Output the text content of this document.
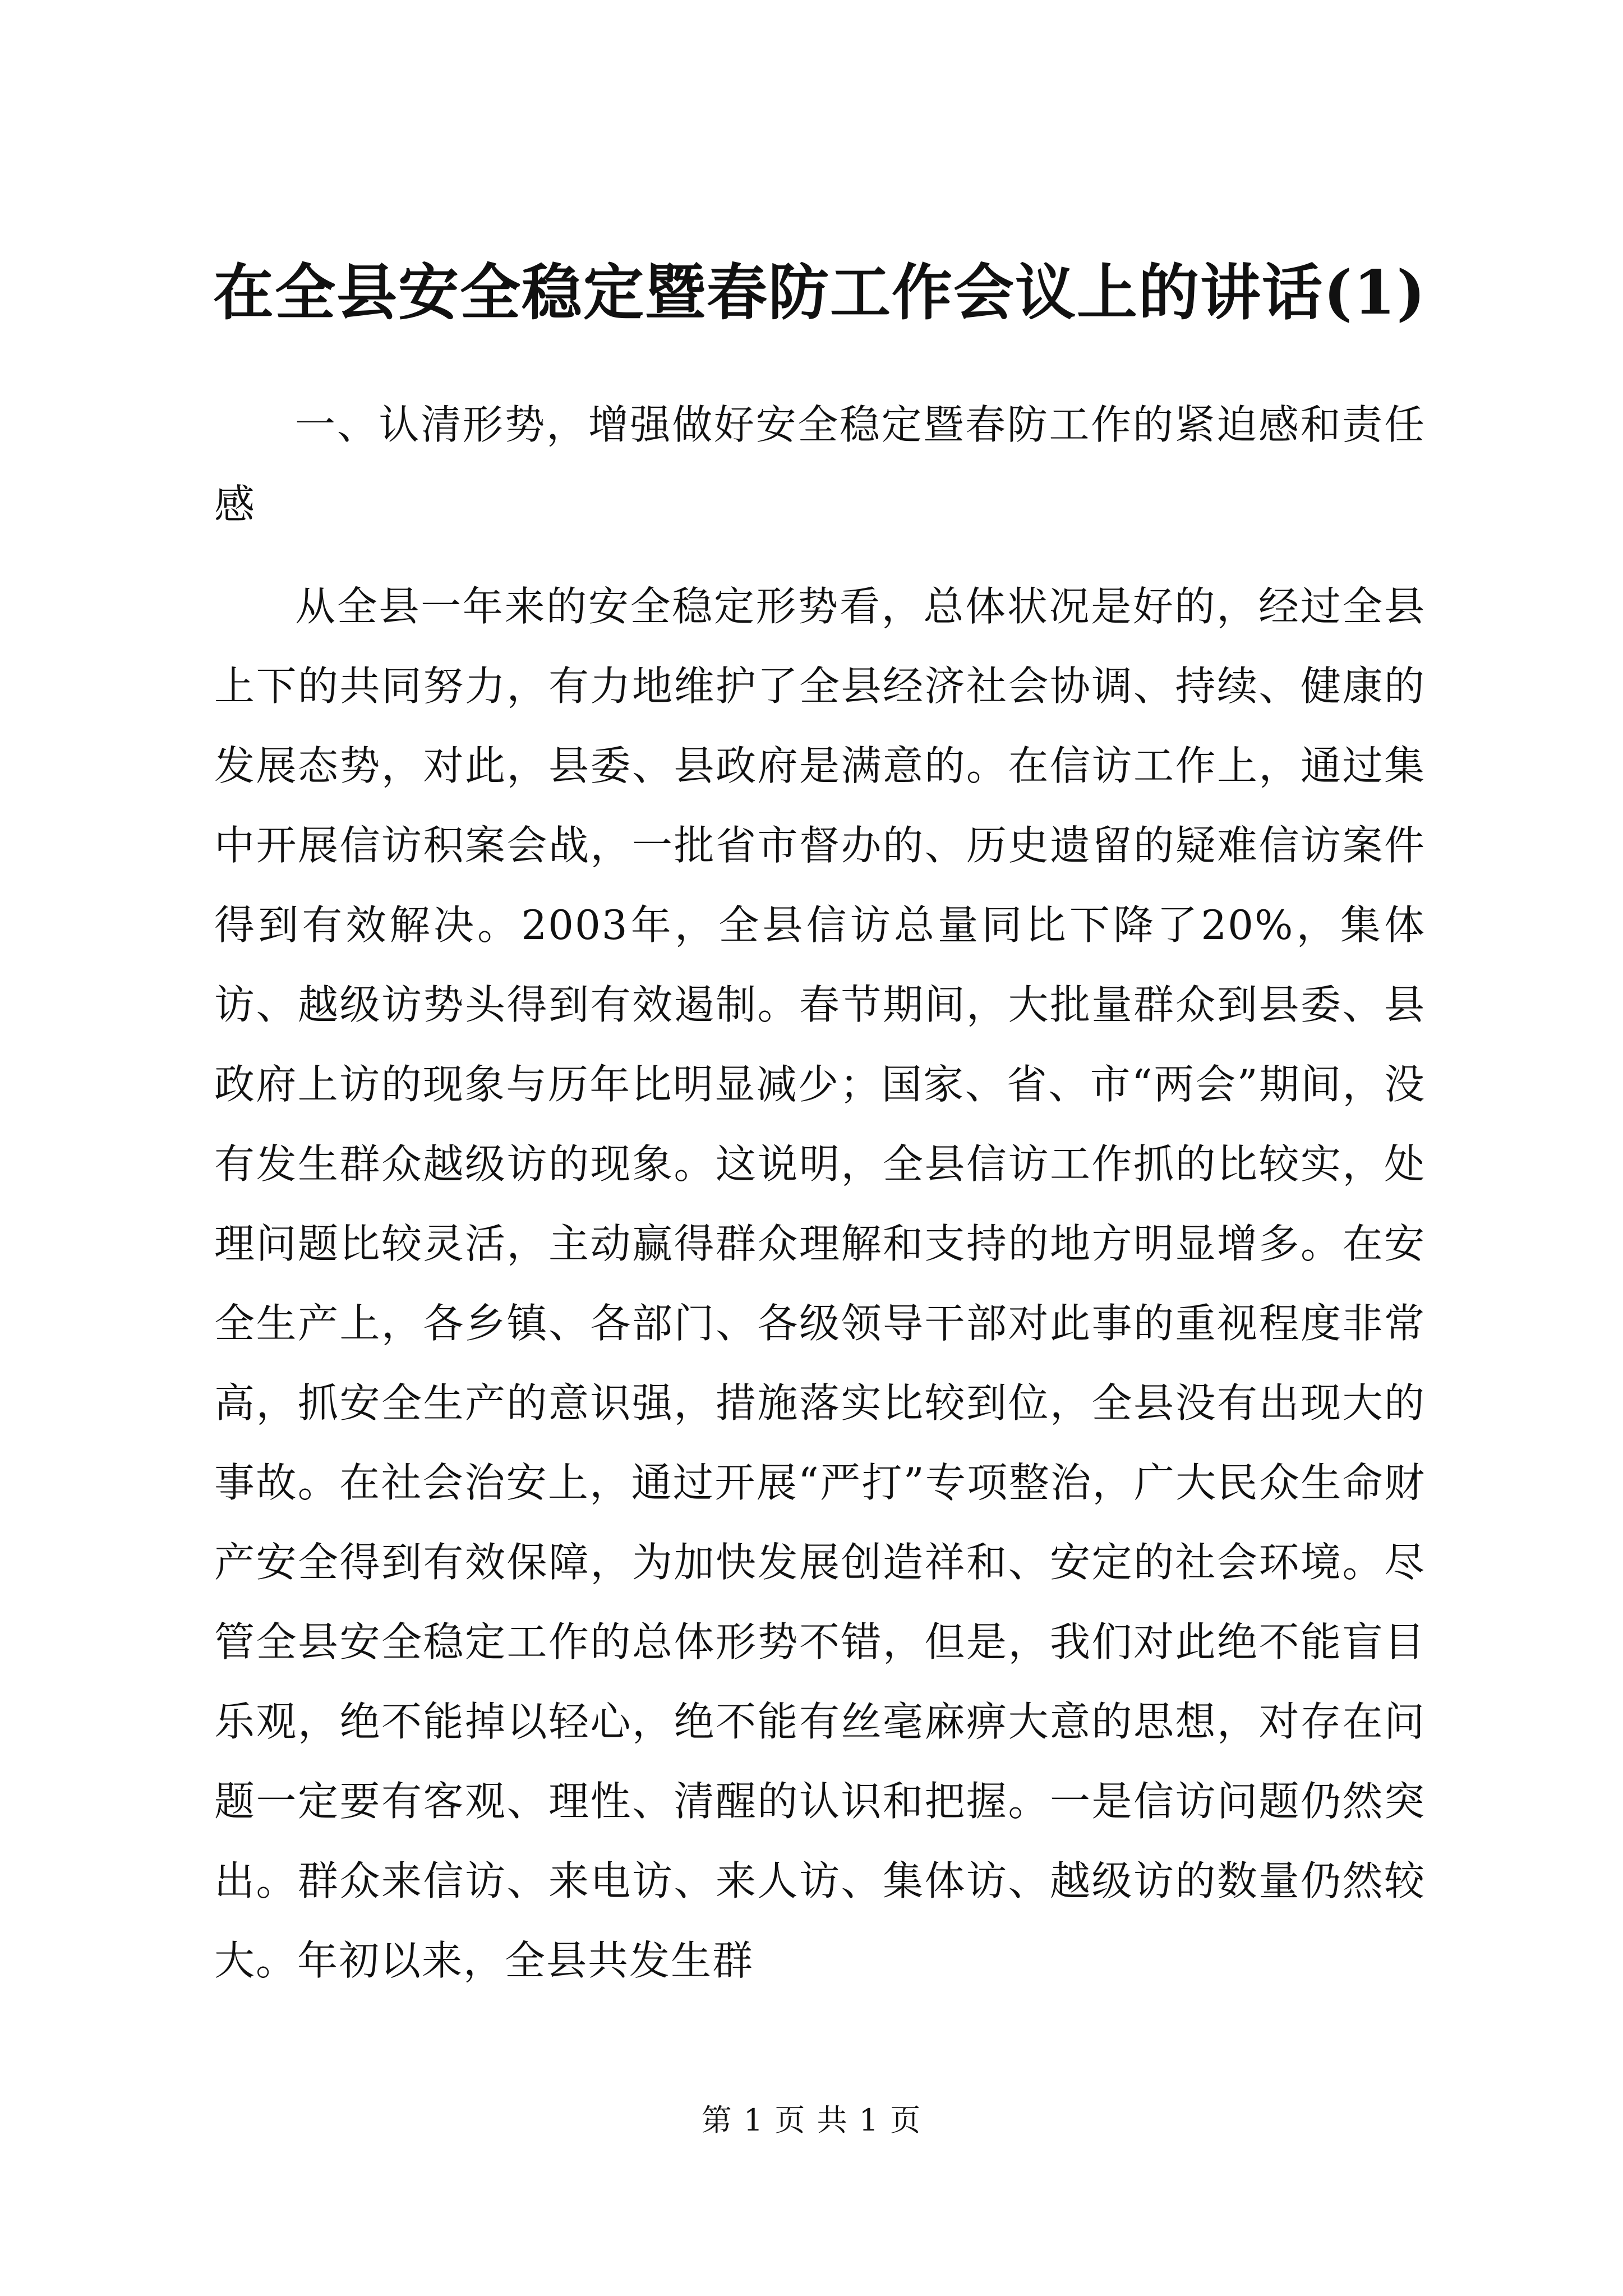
在全县安全稳定暨春防工作会议上的讲话(1)

一、认清形势，增强做好安全稳定暨春防工作的紧迫感和责任感

从全县一年来的安全稳定形势看，总体状况是好的，经过全县上下的共同努力，有力地维护了全县经济社会协调、持续、健康的发展态势，对此，县委、县政府是满意的。在信访工作上，通过集中开展信访积案会战，一批省市督办的、历史遗留的疑难信访案件得到有效解决。2003年，全县信访总量同比下降了20%，集体访、越级访势头得到有效遏制。春节期间，大批量群众到县委、县政府上访的现象与历年比明显减少；国家、省、市“两会”期间，没有发生群众越级访的现象。这说明，全县信访工作抓的比较实，处理问题比较灵活，主动赢得群众理解和支持的地方明显增多。在安全生产上，各乡镇、各部门、各级领导干部对此事的重视程度非常高，抓安全生产的意识强，措施落实比较到位，全县没有出现大的事故。在社会治安上，通过开展“严打”专项整治，广大民众生命财产安全得到有效保障，为加快发展创造祥和、安定的社会环境。尽管全县安全稳定工作的总体形势不错，但是，我们对此绝不能盲目乐观，绝不能掉以轻心，绝不能有丝毫麻痹大意的思想，对存在问题一定要有客观、理性、清醒的认识和把握。一是信访问题仍然突出。群众来信访、来电访、来人访、集体访、越级访的数量仍然较大。年初以来，全县共发生群

第 1 页 共 1 页
